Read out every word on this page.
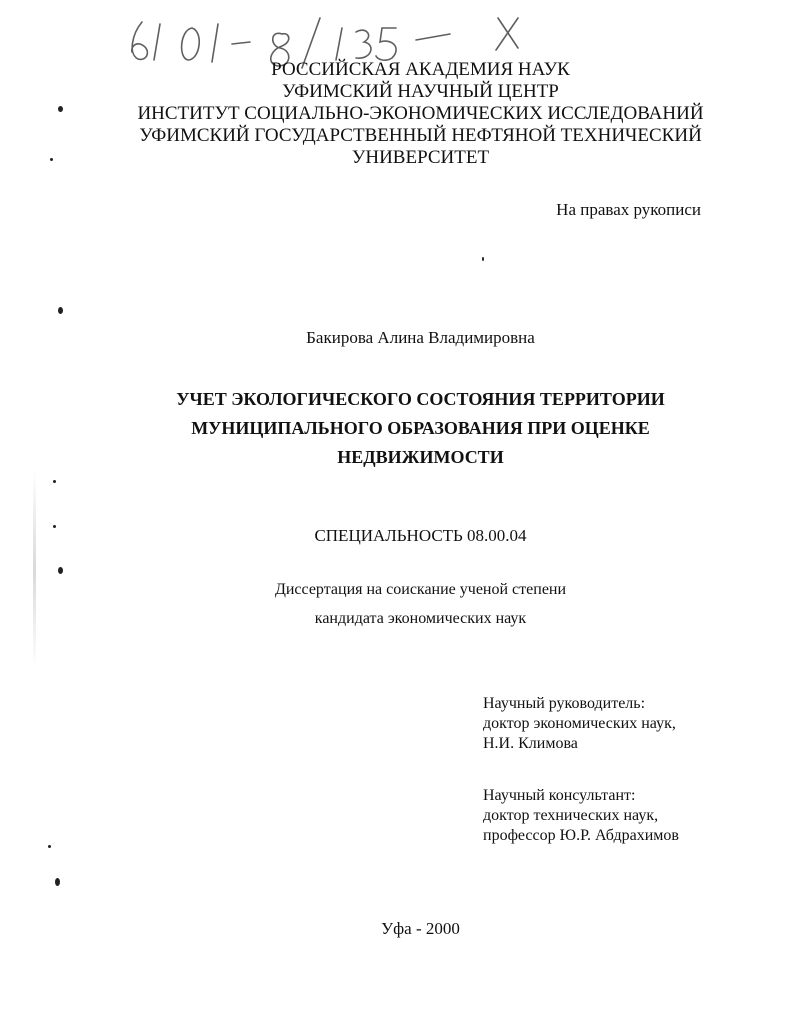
РОССИЙСКАЯ АКАДЕМИЯ НАУК
УФИМСКИЙ НАУЧНЫЙ ЦЕНТР
ИНСТИТУТ СОЦИАЛЬНО-ЭКОНОМИЧЕСКИХ ИССЛЕДОВАНИЙ
УФИМСКИЙ ГОСУДАРСТВЕННЫЙ НЕФТЯНОЙ ТЕХНИЧЕСКИЙ
УНИВЕРСИТЕТ
На правах рукописи
Бакирова Алина Владимировна
УЧЕТ ЭКОЛОГИЧЕСКОГО СОСТОЯНИЯ ТЕРРИТОРИИ
МУНИЦИПАЛЬНОГО ОБРАЗОВАНИЯ ПРИ ОЦЕНКЕ
НЕДВИЖИМОСТИ
СПЕЦИАЛЬНОСТЬ 08.00.04
Диссертация на соискание ученой степени
кандидата экономических наук
Научный руководитель:
доктор экономических наук,
Н.И. Климова
Научный консультант:
доктор технических наук,
профессор Ю.Р. Абдрахимов
Уфа - 2000
